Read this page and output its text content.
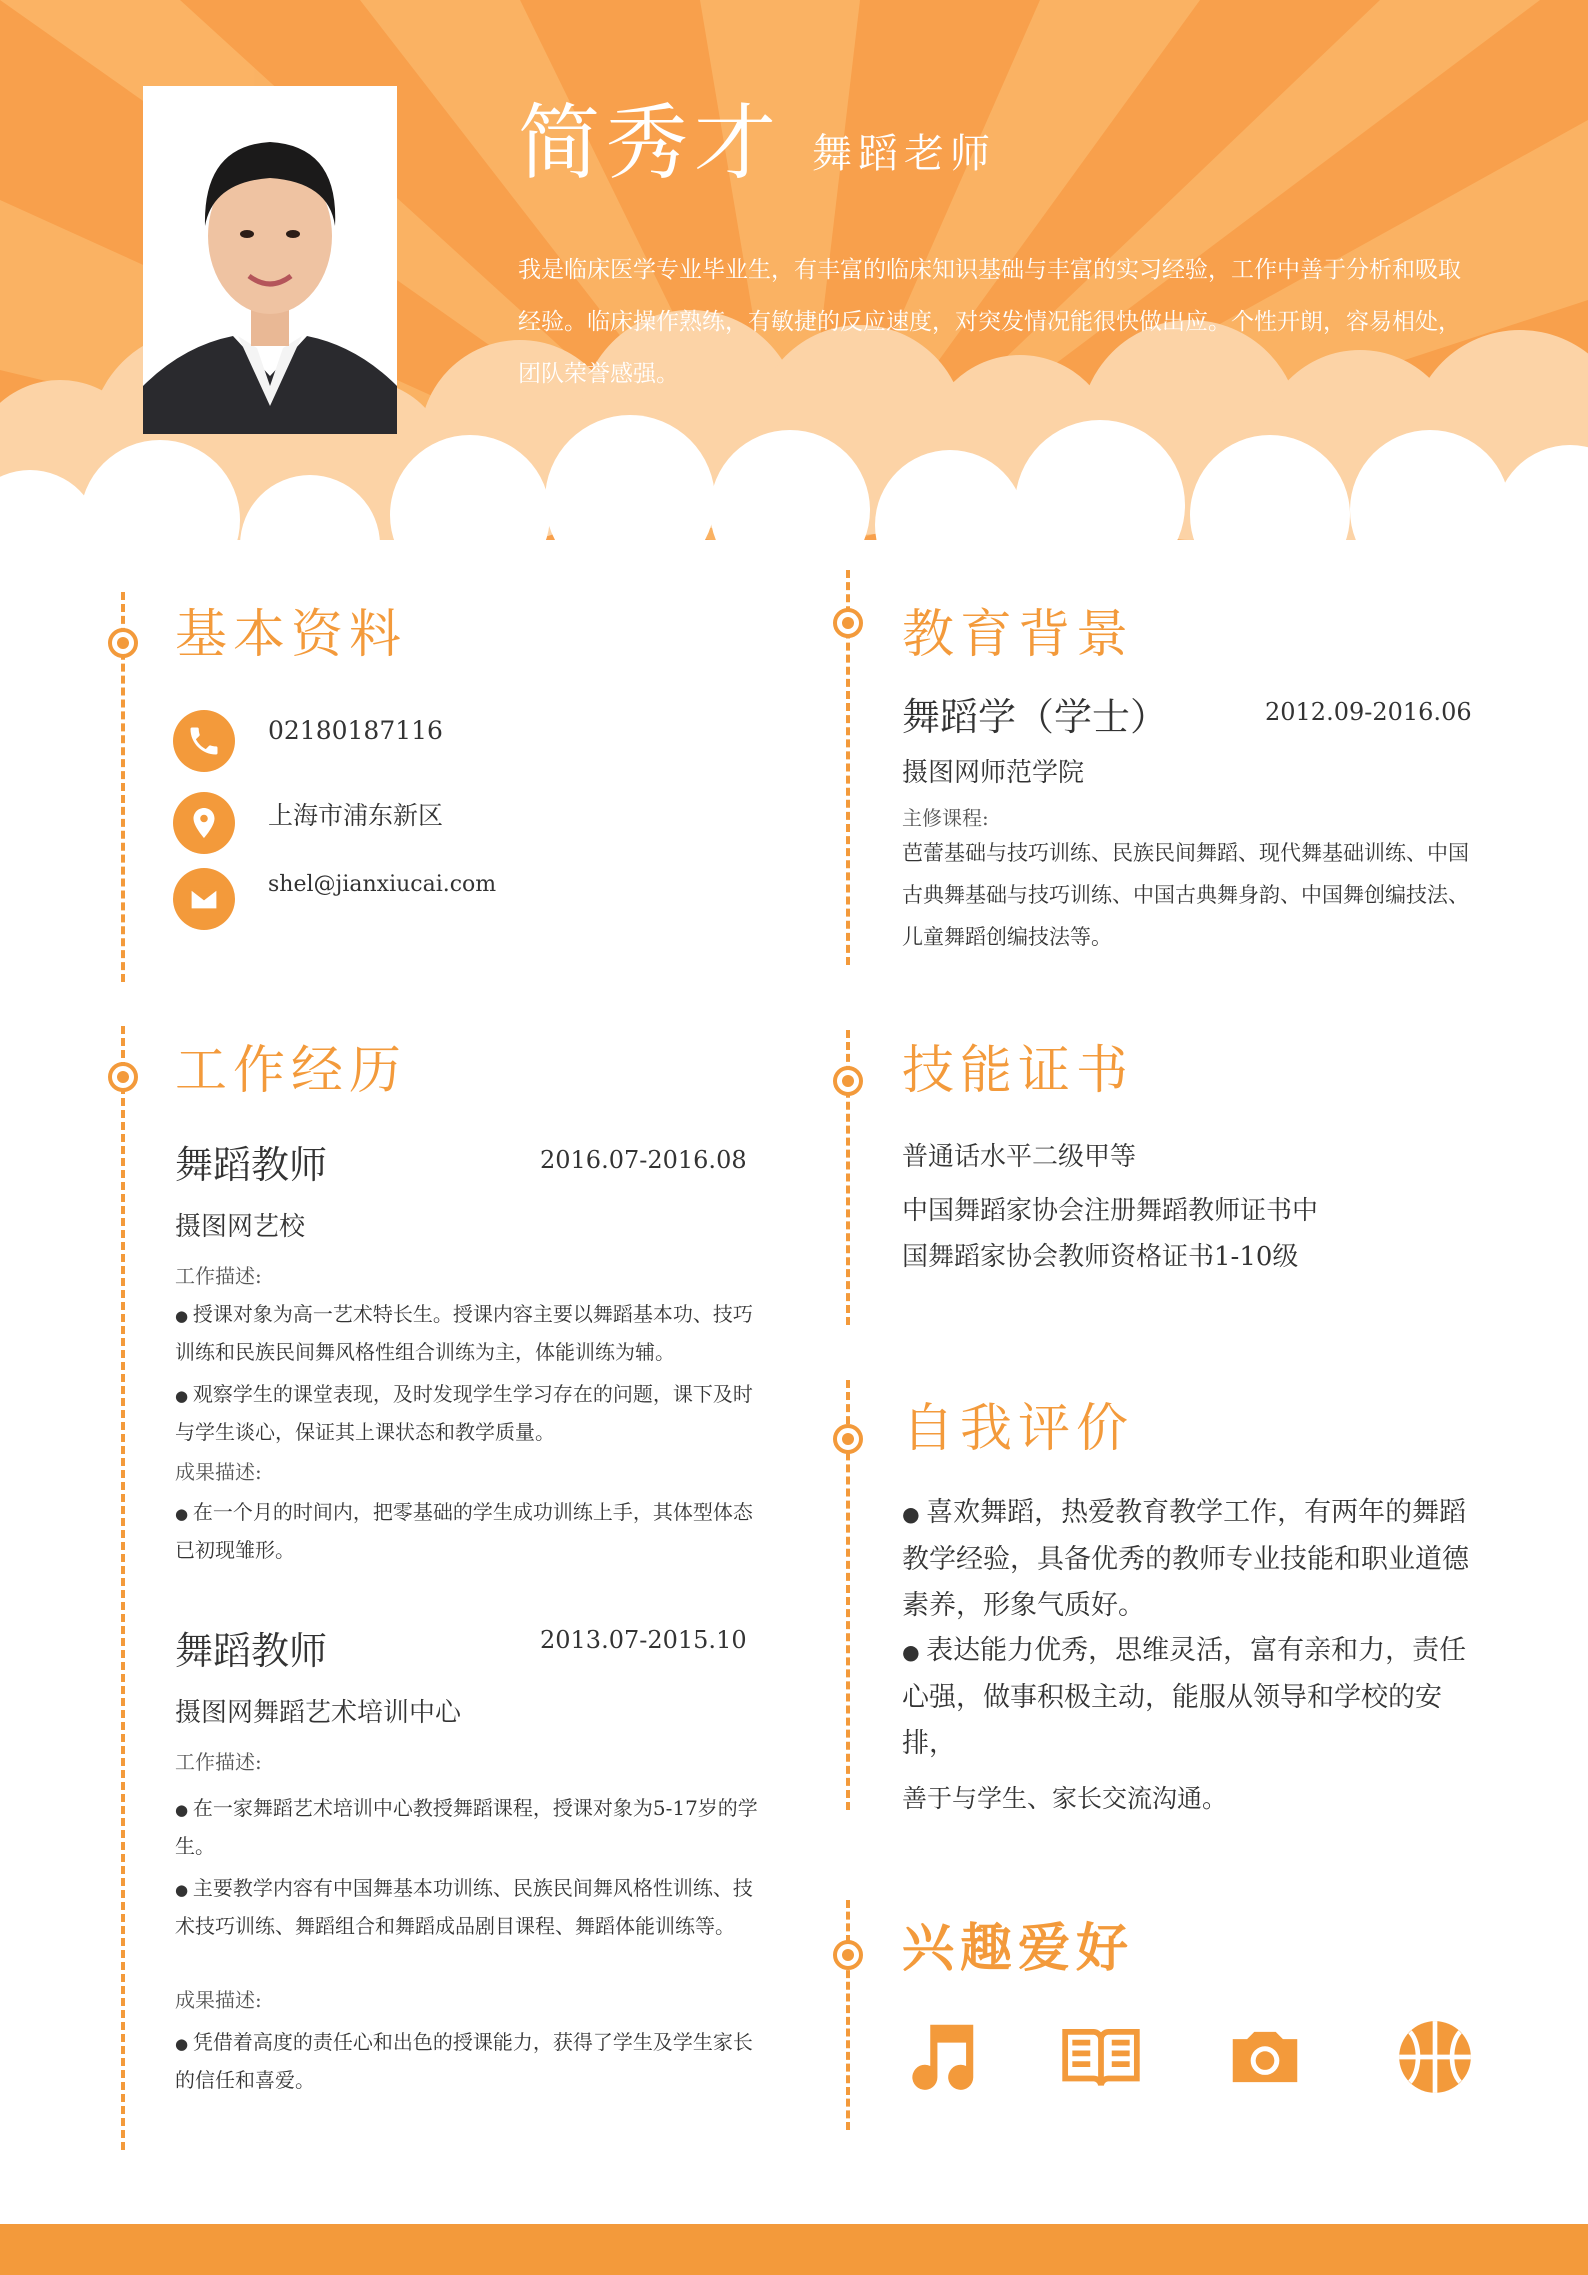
简秀才 舞蹈老师
我是临床医学专业毕业生，有丰富的临床知识基础与丰富的实习经验，工作中善于分析和吸取经验。临床操作熟练，有敏捷的反应速度，对突发情况能很快做出应。个性开朗，容易相处，团队荣誉感强。
基本资料
02180187116
上海市浦东新区
shel@jianxiucai.com
工作经历
舞蹈教师	2016.07-2016.08
摄图网艺校
工作描述:
● 授课对象为高一艺术特长生。授课内容主要以舞蹈基本功、技巧训练和民族民间舞风格性组合训练为主，体能训练为辅。
● 观察学生的课堂表现，及时发现学生学习存在的问题，课下及时与学生谈心，保证其上课状态和教学质量。
成果描述:
● 在一个月的时间内，把零基础的学生成功训练上手，其体型体态已初现雏形。
舞蹈教师	2013.07-2015.10
摄图网舞蹈艺术培训中心
工作描述:
● 在一家舞蹈艺术培训中心教授舞蹈课程，授课对象为5-17岁的学生。
● 主要教学内容有中国舞基本功训练、民族民间舞风格性训练、技术技巧训练、舞蹈组合和舞蹈成品剧目课程、舞蹈体能训练等。
成果描述:
● 凭借着高度的责任心和出色的授课能力，获得了学生及学生家长的信任和喜爱。
教育背景
舞蹈学（学士）	2012.09-2016.06
摄图网师范学院
主修课程:
芭蕾基础与技巧训练、民族民间舞蹈、现代舞基础训练、中国古典舞基础与技巧训练、中国古典舞身韵、中国舞创编技法、儿童舞蹈创编技法等。
技能证书
普通话水平二级甲等
中国舞蹈家协会注册舞蹈教师证书中国舞蹈家协会教师资格证书1-10级
自我评价
● 喜欢舞蹈，热爱教育教学工作，有两年的舞蹈教学经验，具备优秀的教师专业技能和职业道德素养，形象气质好。
● 表达能力优秀，思维灵活，富有亲和力，责任心强，做事积极主动，能服从领导和学校的安排，
善于与学生、家长交流沟通。
兴趣爱好
